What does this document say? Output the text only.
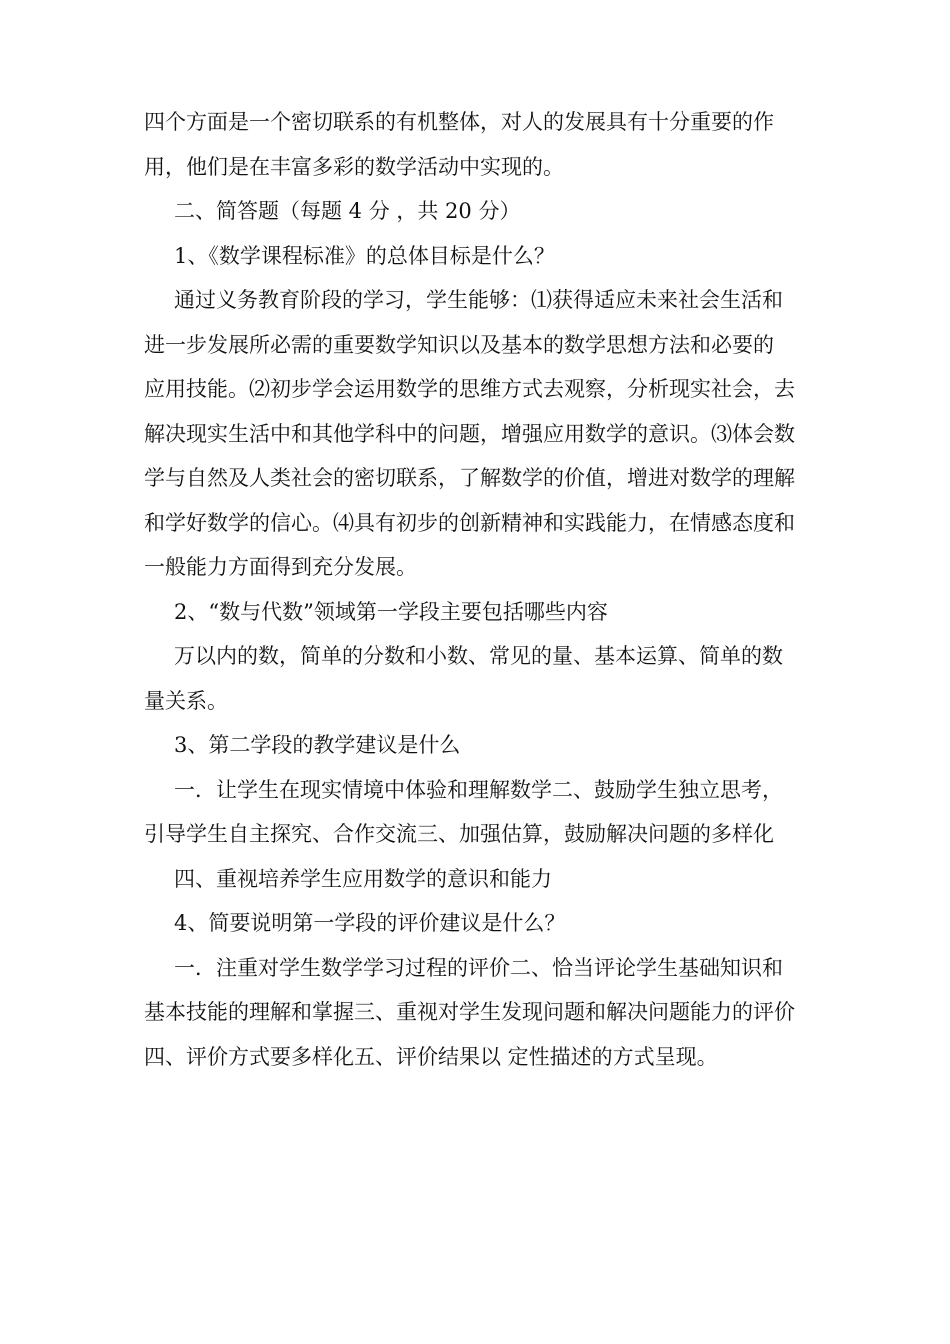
四个方面是一个密切联系的有机整体，对人的发展具有十分重要的作
用，他们是在丰富多彩的数学活动中实现的。
二、简答题（每题 4 分 ，共 20 分）
1、《数学课程标准》的总体目标是什么？
通过义务教育阶段的学习，学生能够：⑴获得适应未来社会生活和
进一步发展所必需的重要数学知识以及基本的数学思想方法和必要的
应用技能。⑵初步学会运用数学的思维方式去观察，分析现实社会，去
解决现实生活中和其他学科中的问题，增强应用数学的意识。⑶体会数
学与自然及人类社会的密切联系，了解数学的价值，增进对数学的理解
和学好数学的信心。⑷具有初步的创新精神和实践能力，在情感态度和
一般能力方面得到充分发展。
2、“数与代数”领域第一学段主要包括哪些内容
万以内的数，简单的分数和小数、常见的量、基本运算、简单的数
量关系。
3、第二学段的教学建议是什么
一．让学生在现实情境中体验和理解数学二、鼓励学生独立思考，
引导学生自主探究、合作交流三、加强估算，鼓励解决问题的多样化
四、重视培养学生应用数学的意识和能力
4、简要说明第一学段的评价建议是什么？
一．注重对学生数学学习过程的评价二、恰当评论学生基础知识和
基本技能的理解和掌握三、重视对学生发现问题和解决问题能力的评价
四、评价方式要多样化五、评价结果以 定性描述的方式呈现。
